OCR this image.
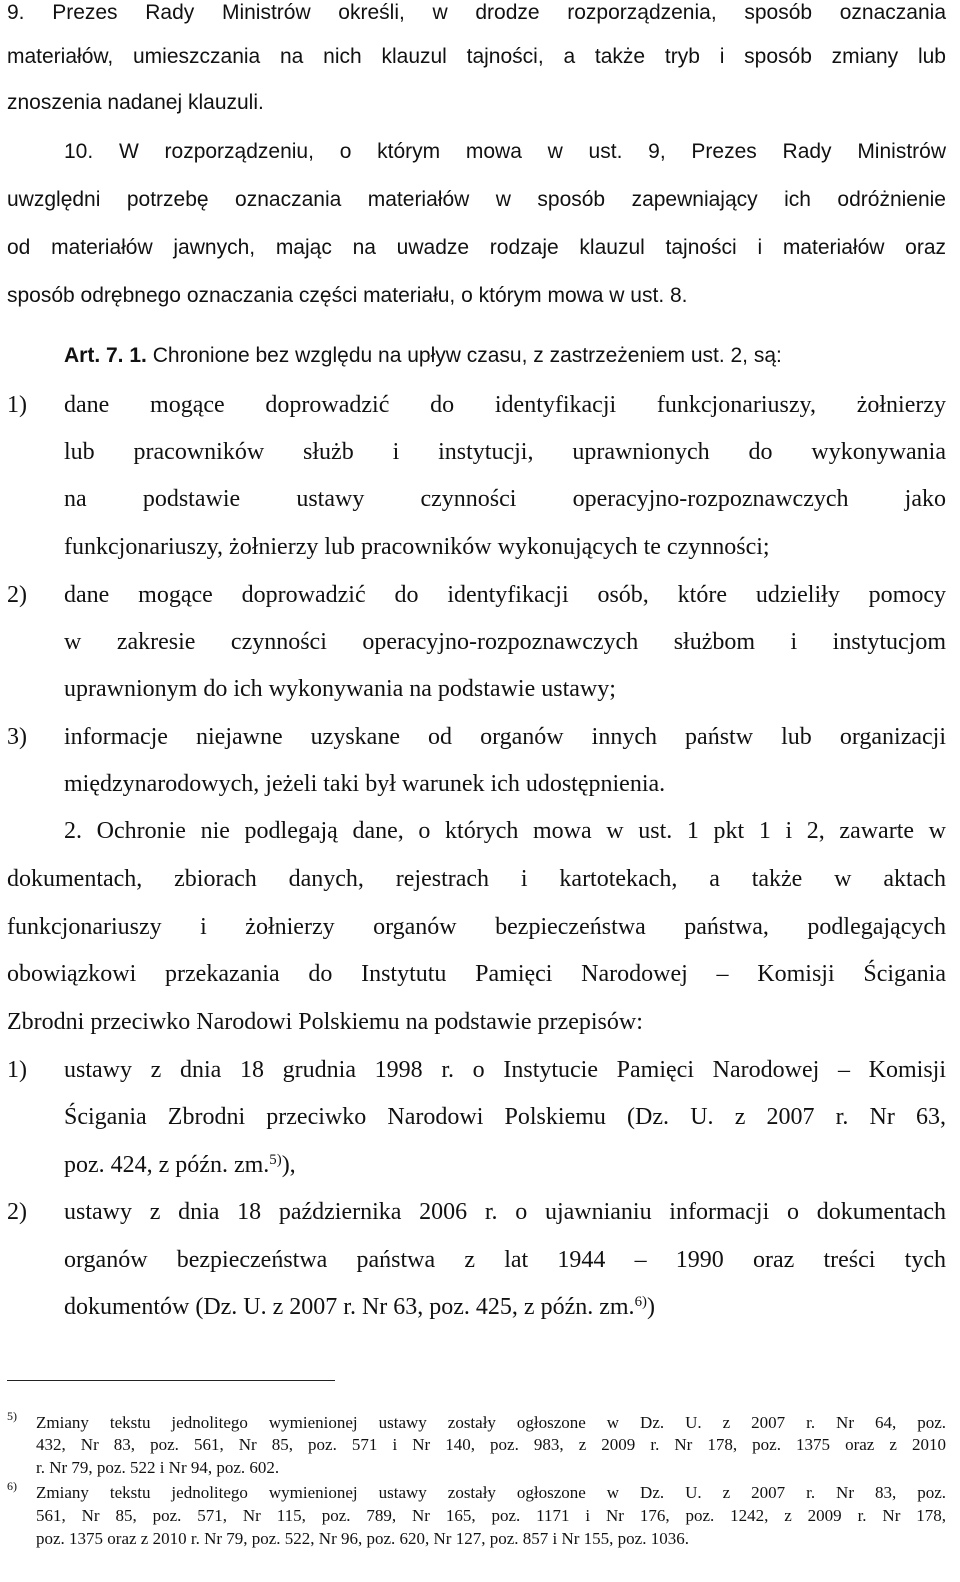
9. Prezes Rady Ministrów określi, w drodze rozporządzenia, sposób oznaczania
materiałów, umieszczania na nich klauzul tajności, a także tryb i sposób zmiany lub
znoszenia nadanej klauzuli.
10. W rozporządzeniu, o którym mowa w ust. 9, Prezes Rady Ministrów
uwzględni potrzebę oznaczania materiałów w sposób zapewniający ich odróżnienie
od materiałów jawnych, mając na uwadze rodzaje klauzul tajności i materiałów oraz
sposób odrębnego oznaczania części materiału, o którym mowa w ust. 8.
Art. 7. 1. Chronione bez względu na upływ czasu, z zastrzeżeniem ust. 2, są:
1) dane mogące doprowadzić do identyfikacji funkcjonariuszy, żołnierzy
lub pracowników służb i instytucji, uprawnionych do wykonywania
na podstawie ustawy czynności operacyjno-rozpoznawczych jako
funkcjonariuszy, żołnierzy lub pracowników wykonujących te czynności;
2) dane mogące doprowadzić do identyfikacji osób, które udzieliły pomocy
w zakresie czynności operacyjno-rozpoznawczych służbom i instytucjom
uprawnionym do ich wykonywania na podstawie ustawy;
3) informacje niejawne uzyskane od organów innych państw lub organizacji
międzynarodowych, jeżeli taki był warunek ich udostępnienia.
2. Ochronie nie podlegają dane, o których mowa w ust. 1 pkt 1 i 2, zawarte w
dokumentach, zbiorach danych, rejestrach i kartotekach, a także w aktach
funkcjonariuszy i żołnierzy organów bezpieczeństwa państwa, podlegających
obowiązkowi przekazania do Instytutu Pamięci Narodowej – Komisji Ścigania
Zbrodni przeciwko Narodowi Polskiemu na podstawie przepisów:
1) ustawy z dnia 18 grudnia 1998 r. o Instytucie Pamięci Narodowej – Komisji
Ścigania Zbrodni przeciwko Narodowi Polskiemu (Dz. U. z 2007 r. Nr 63,
poz. 424, z późn. zm.$^{5)}$),
2) ustawy z dnia 18 października 2006 r. o ujawnianiu informacji o dokumentach
organów bezpieczeństwa państwa z lat 1944 – 1990 oraz treści tych
dokumentów (Dz. U. z 2007 r. Nr 63, poz. 425, z późn. zm.$^{6)}$)
5) Zmiany tekstu jednolitego wymienionej ustawy zostały ogłoszone w Dz. U. z 2007 r. Nr 64, poz.
432, Nr 83, poz. 561, Nr 85, poz. 571 i Nr 140, poz. 983, z 2009 r. Nr 178, poz. 1375 oraz z 2010
r. Nr 79, poz. 522 i Nr 94, poz. 602.
6) Zmiany tekstu jednolitego wymienionej ustawy zostały ogłoszone w Dz. U. z 2007 r. Nr 83, poz.
561, Nr 85, poz. 571, Nr 115, poz. 789, Nr 165, poz. 1171 i Nr 176, poz. 1242, z 2009 r. Nr 178,
poz. 1375 oraz z 2010 r. Nr 79, poz. 522, Nr 96, poz. 620, Nr 127, poz. 857 i Nr 155, poz. 1036.
